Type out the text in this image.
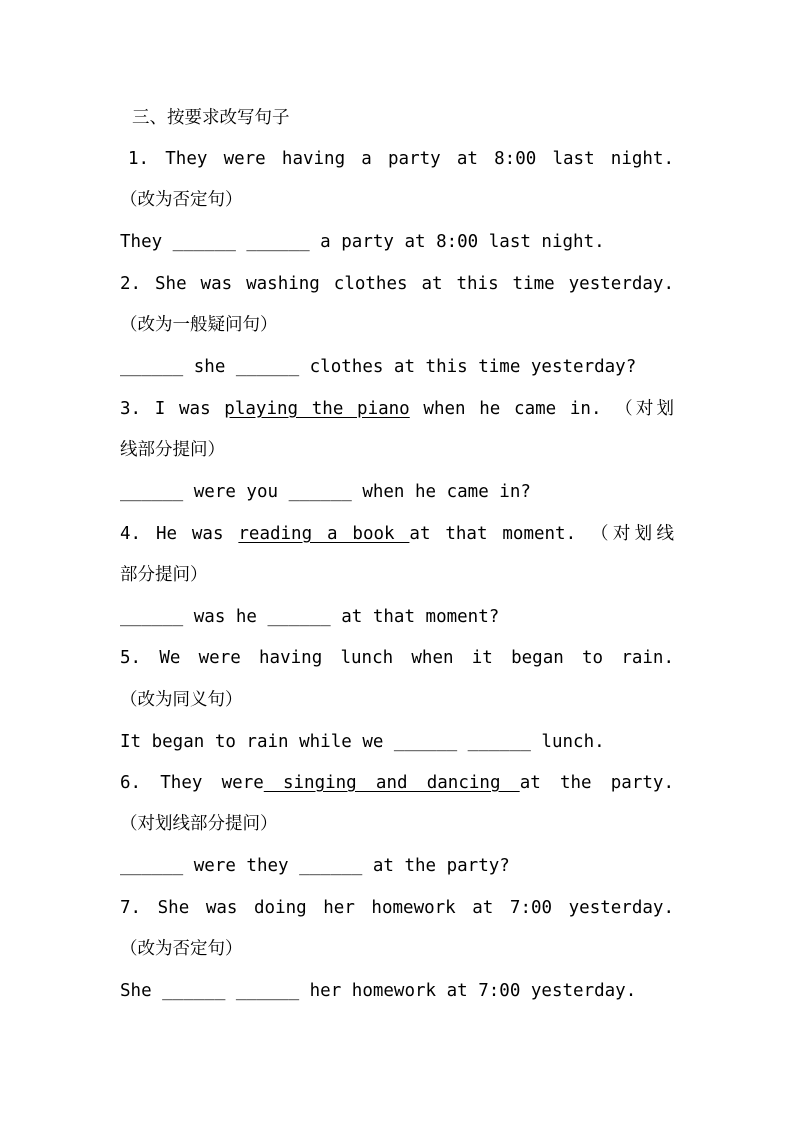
三、按要求改写句子
1. They were having a party at 8:00 last night.
（改为否定句）
They ______ ______ a party at 8:00 last night.
2. She was washing clothes at this time yesterday.
（改为一般疑问句）
______ she ______ clothes at this time yesterday?
3. I was playing the piano when he came in. （对划
线部分提问）
______ were you ______ when he came in?
4. He was reading a book at that moment. （对划线
部分提问）
______ was he ______ at that moment?
5. We were having lunch when it began to rain.
（改为同义句）
It began to rain while we ______ ______ lunch.
6. They were singing and dancing at the party.
（对划线部分提问）
______ were they ______ at the party?
7. She was doing her homework at 7:00 yesterday.
（改为否定句）
She ______ ______ her homework at 7:00 yesterday.
